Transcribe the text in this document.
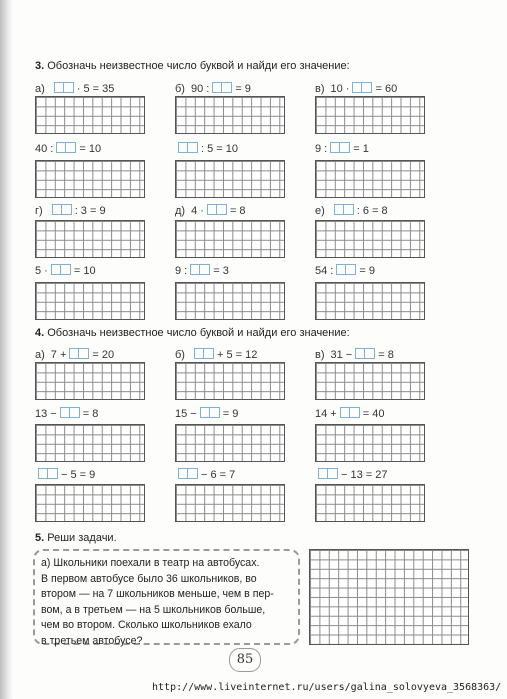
3. Обозначь неизвестное число буквой и найди его значение:
4. Обозначь неизвестное число буквой и найди его значение:
5. Реши задачи.
а)	· 5 = 35	б) 90 : = 9	в) 10 · = 60
40 : = 10	: 5 = 10	9 : = 1
г)	: 3 = 9	д) 4 · = 8	е)	: 6 = 8
5 · = 10	9 : = 3	54 : = 9
а) 7 + = 20	б)	+ 5 = 12	в) 31 − = 8
13 − = 8	15 − = 9	14 + = 40
− 5 = 9	− 6 = 7	− 13 = 27

а) Школьники поехали в театр на автобусах.

В первом автобусе было 36 школьников, во

втором — на 7 школьников меньше, чем в пер-

вом, а в третьем — на 5 школьников больше,

чем во втором. Сколько школьников ехало

в третьем автобусе?

85
http://www.liveinternet.ru/users/galina_solovyeva_3568363/
